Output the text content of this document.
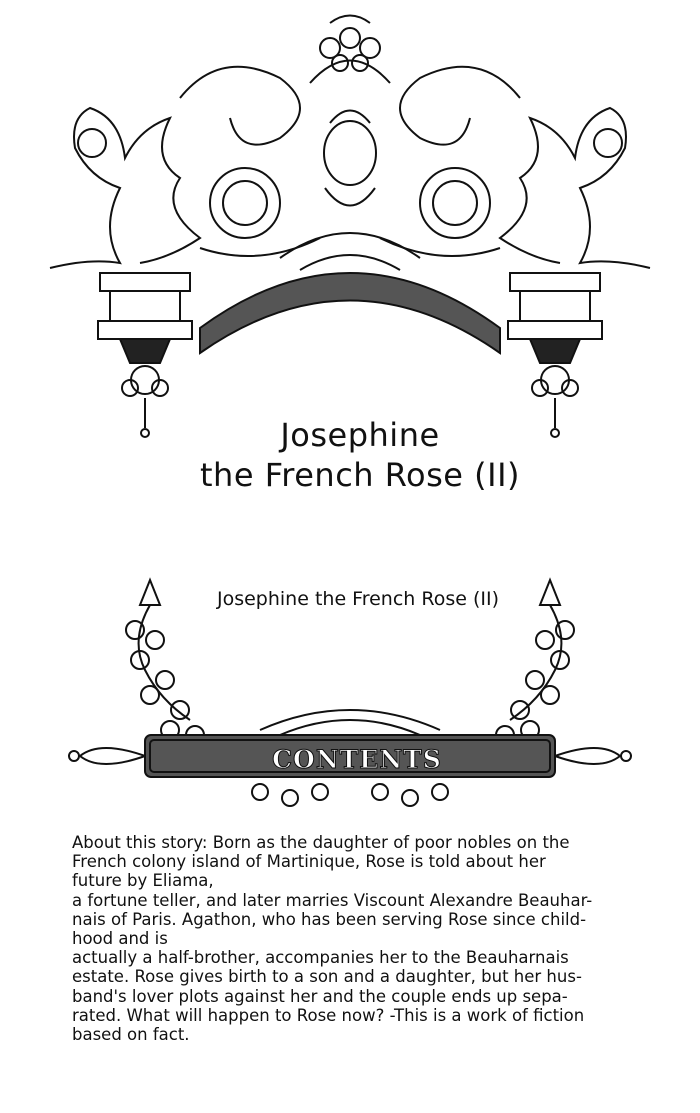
Josephine
the French Rose (II)
Josephine the French Rose (II)
CONTENTS

About this story: Born as the daughter of poor nobles on the
French colony island of Martinique, Rose is told about her
future by Eliama,
a fortune teller, and later marries Viscount Alexandre Beauhar-
nais of Paris. Agathon, who has been serving Rose since child-
hood and is
actually a half-brother, accompanies her to the Beauharnais
estate. Rose gives birth to a son and a daughter, but her hus-
band's lover plots against her and the couple ends up sepa-
rated. What will happen to Rose now? -This is a work of fiction
based on fact.
